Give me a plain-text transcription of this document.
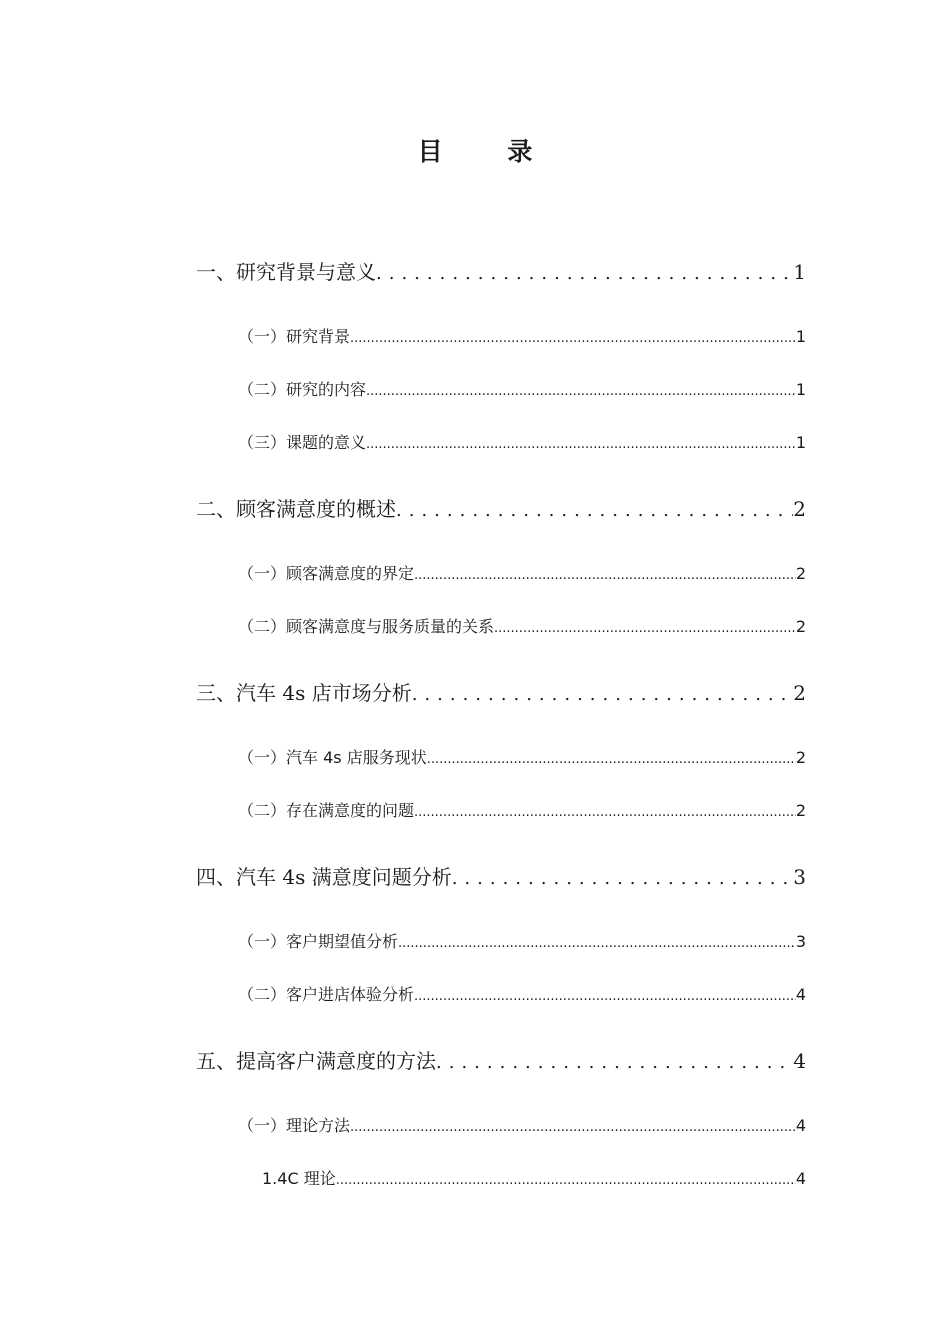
目 录
一、研究背景与意义 .....	1
（一）研究背景 .....	1
（二）研究的内容 .....	1
（三）课题的意义 .....	1
二、顾客满意度的概述 .....	2
（一）顾客满意度的界定 .....	2
（二）顾客满意度与服务质量的关系 .....	2
三、汽车 4s 店市场分析 .....	2
（一）汽车 4s 店服务现状 .....	2
（二）存在满意度的问题 .....	2
四、汽车 4s 满意度问题分析 .....	3
（一）客户期望值分析 .....	3
（二）客户进店体验分析 .....	4
五、提高客户满意度的方法 .....	4
（一）理论方法 .....	4
1.4C 理论 .....	4
